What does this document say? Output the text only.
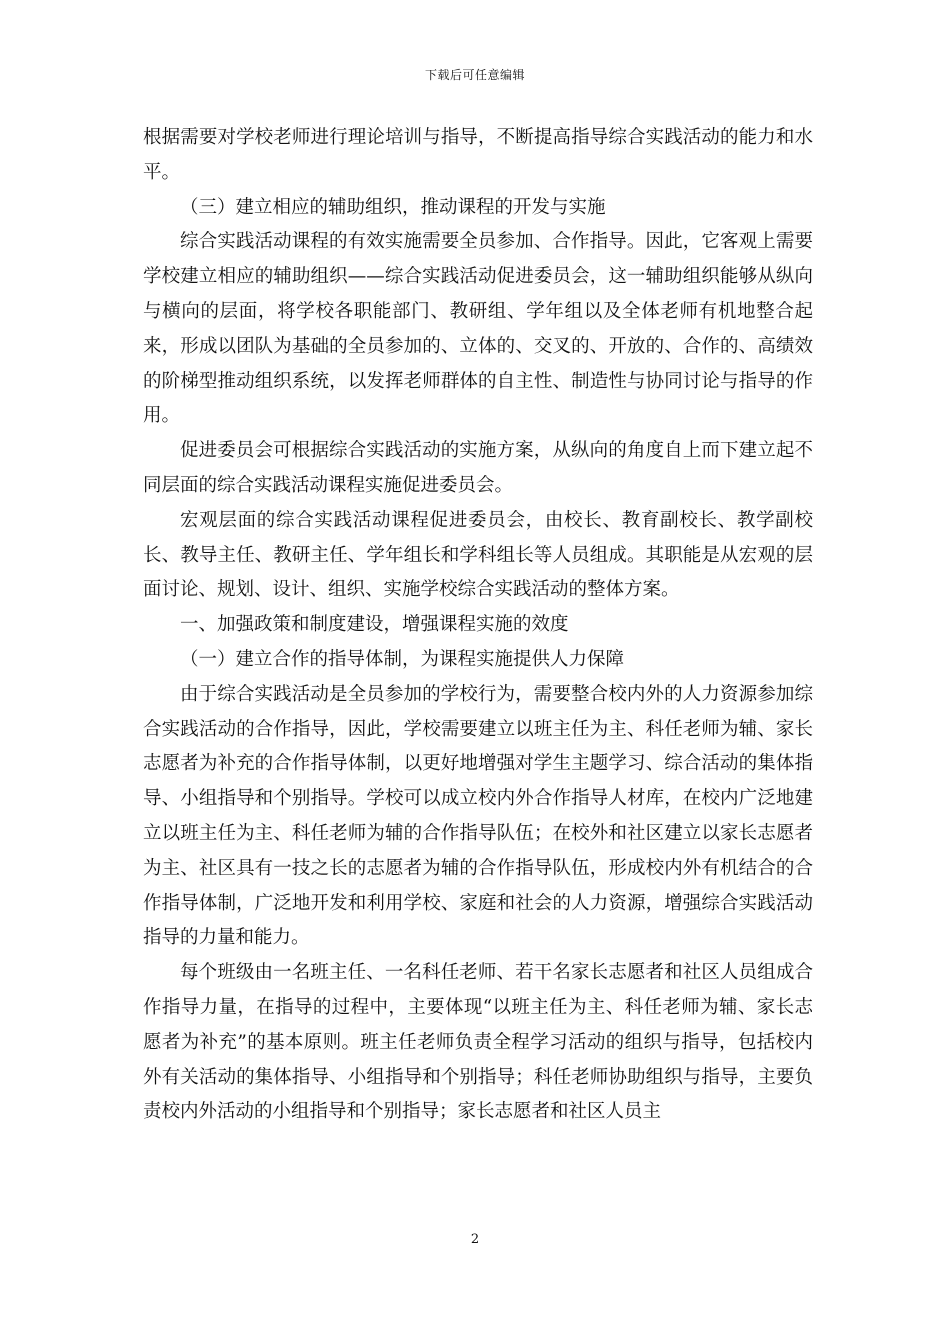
下载后可任意编辑

根据需要对学校老师进行理论培训与指导，不断提高指导综合实践活动的能力和水平。

（三）建立相应的辅助组织，推动课程的开发与实施

综合实践活动课程的有效实施需要全员参加、合作指导。因此，它客观上需要学校建立相应的辅助组织——综合实践活动促进委员会，这一辅助组织能够从纵向与横向的层面，将学校各职能部门、教研组、学年组以及全体老师有机地整合起来，形成以团队为基础的全员参加的、立体的、交叉的、开放的、合作的、高绩效的阶梯型推动组织系统，以发挥老师群体的自主性、制造性与协同讨论与指导的作用。

促进委员会可根据综合实践活动的实施方案，从纵向的角度自上而下建立起不同层面的综合实践活动课程实施促进委员会。

宏观层面的综合实践活动课程促进委员会，由校长、教育副校长、教学副校长、教导主任、教研主任、学年组长和学科组长等人员组成。其职能是从宏观的层面讨论、规划、设计、组织、实施学校综合实践活动的整体方案。

一、加强政策和制度建设，增强课程实施的效度

（一）建立合作的指导体制，为课程实施提供人力保障

由于综合实践活动是全员参加的学校行为，需要整合校内外的人力资源参加综合实践活动的合作指导，因此，学校需要建立以班主任为主、科任老师为辅、家长志愿者为补充的合作指导体制，以更好地增强对学生主题学习、综合活动的集体指导、小组指导和个别指导。学校可以成立校内外合作指导人材库，在校内广泛地建立以班主任为主、科任老师为辅的合作指导队伍；在校外和社区建立以家长志愿者为主、社区具有一技之长的志愿者为辅的合作指导队伍，形成校内外有机结合的合作指导体制，广泛地开发和利用学校、家庭和社会的人力资源，增强综合实践活动指导的力量和能力。

每个班级由一名班主任、一名科任老师、若干名家长志愿者和社区人员组成合作指导力量，在指导的过程中，主要体现“以班主任为主、科任老师为辅、家长志愿者为补充”的基本原则。班主任老师负责全程学习活动的组织与指导，包括校内外有关活动的集体指导、小组指导和个别指导；科任老师协助组织与指导，主要负责校内外活动的小组指导和个别指导；家长志愿者和社区人员主

2
